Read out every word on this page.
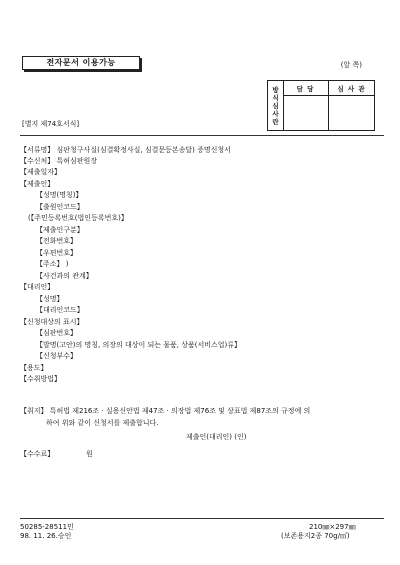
전자문서 이용가능	(앞 쪽)
방
식
심
사
란
담 당	심 사 관
[별지 제74호서식]
【서류명】 심판청구사실(심결확정사실, 심결문등본송달) 증명신청서
【수신처】 특허심판원장
【제출일자】
【제출인】
【성명(명칭)】
【출원인코드】
(【주민등록번호(법인등록번호)】
【제출인구분】
【전화번호】
【우편번호】
【주소】 )
【사건과의 관계】
【대리인】
【성명】
【대리인코드】
【신청대상의 표시】
【심판번호】
【발명(고안)의 명칭, 의장의 대상이 되는 물품, 상품(서비스업)류】
【신청부수】
【용도】
【수취방법】
【취지】 특허법 제216조 · 실용신안법 제47조 · 의장법 제76조 및 상표법 제87조의 규정에 의
하여 위와 같이 신청서를 제출합니다.
제출인(대리인) (인)
【수수료】	원
50285-28511민
98. 11. 26.승인
210㎜×297㎜
(보존용지2종 70g/㎡)
